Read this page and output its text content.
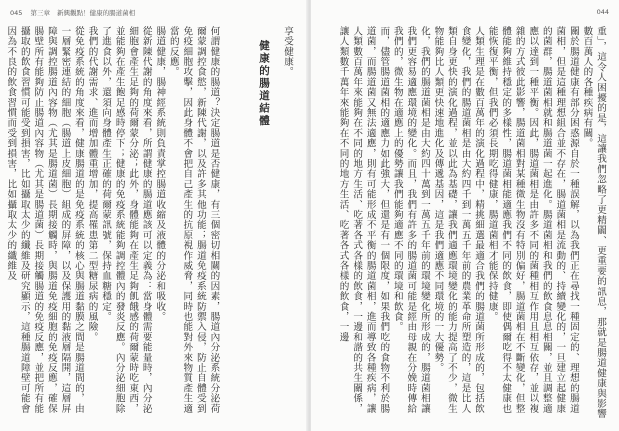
045 第三章 新興觀點！健康的腸道菌相
健康的腸道結體 享受健康。

何謂健康的腸道？決定腸道是否健康，有三個密切相關的因素，腸道內分泌系統分泌荷爾蒙調控食慾，新陳代謝，以及許多其他功能；腸道免疫系統防禦入侵，防止自體受到免疫細胞攻擊，因此身體不會把自己產生的抗原視作威脅，同時也能對外來物質產生適當的反應。

腸道健康，腸神經系統則負責掌控腸道收縮及液體的分泌和吸收。

從新陳代謝的角度來看，所謂健康的腸道應該可以定義為：當身體需要能量時，內分泌細胞會產生足夠的荷爾蒙分泌；此外，身體能夠在產生足夠飢餓感的荷爾蒙時吃東西，並能夠在產生飽足感時停下；健康的免疫系統能夠調控體內的發炎反應。內分泌細胞除了進食以外，還須向身體產生正確的荷爾蒙訊號，保持血糖穩定。

我們的代謝需求、進而增加體重增加，提高罹患第二型糖尿病的風險。

從免疫系統的角度來看，健康腸道的是免疫系統的核心與腸道黏膜之間是腸道間的，由一層緊密連結的細胞（腸道上皮細胞）組成的屏障，以及保護用的黏液層隔開，這層屏障與調控腸道內容物（尤其是腸道菌）長期接觸時，與腸道免疫細胞的免疫反應，確保腸壁所有能夠防止腸道內容物（尤其是腸道菌）長期接觸腸道的免疫反應，並把所有能攝取的飲食習慣可能受到損害，比如攝取太少的纖維及研究顯示，這種腸道障壁可能會因為不良的飲食習慣而受到損害，比如攝取太少的纖維及

044

重」，這令人困擾的是，這讓我們忽略了更精闢、更重要的訊息，那就是腸道健康與影響數百萬人的各種疾病有關。

關於腸道健康有部分困惑源自於一種誤解，以為我們正在尋找一種固定的、理想的腸道菌相，但是這種理想組合並不存在，腸道菌相是流動的、持續變化的，一旦建立起健康的菌群，腸道菌相就和腸道菌一起進化。腸道菌相和我們的飲食息息相關，並且調整適應以達到一種平衡。因此，腸道菌相是由許多不同的菌種相互作用且相互依存，並以複雜的方式彼此影響，腸道菌相對某種微生物沒有特別偏好，腸道菌相在不斷變化，但整體能夠維持穩定的多樣性，腸道菌相能適應我們不同的飲食，即使偶爾吃得不太健康也能恢復平衡，但我們必須長期吃得健康，腸道菌相才能保持健康。

人類生理是在數百萬年的演化過程中，精挑細選最適合我們的腸道菌所形成的，包括飲食變化，我們的腸道菌相是由大約四千到一萬五千年前的農業革命所塑造的，這是比人類自身更快的演化過程，並以此為基礎，讓我們適應環境變化的能力提高了不少，微生物能夠比人類更快速地進化及傳遞基因，這是我們適應不同環境的一大優勢。

化，我們的腸道菌相是由大約四十萬到一萬五千年前的環境變化所形成的，腸道菌相讓我們更容易適應環境的變化。而且，我們有許多的腸道菌可能是經由母親在分娩時傳給我們的，微生物在適應上的優勢讓我們能夠適應不同的環境和飲食。

而，儘管腸道菌相的適應力如此強大，但還是有一個限度，如果我們吃的食物不利於腸道菌，而腸道菌又無法適應，則有可能形成不平衡的腸道菌相，進而導致各種疾病，讓人類數百萬年來能夠在不同的地方生活、吃著各式各樣的飲食，一邊和諧的共生關係，讓人類數千萬年來能夠在不同的地方生活、吃著各式各樣的飲食，一邊
